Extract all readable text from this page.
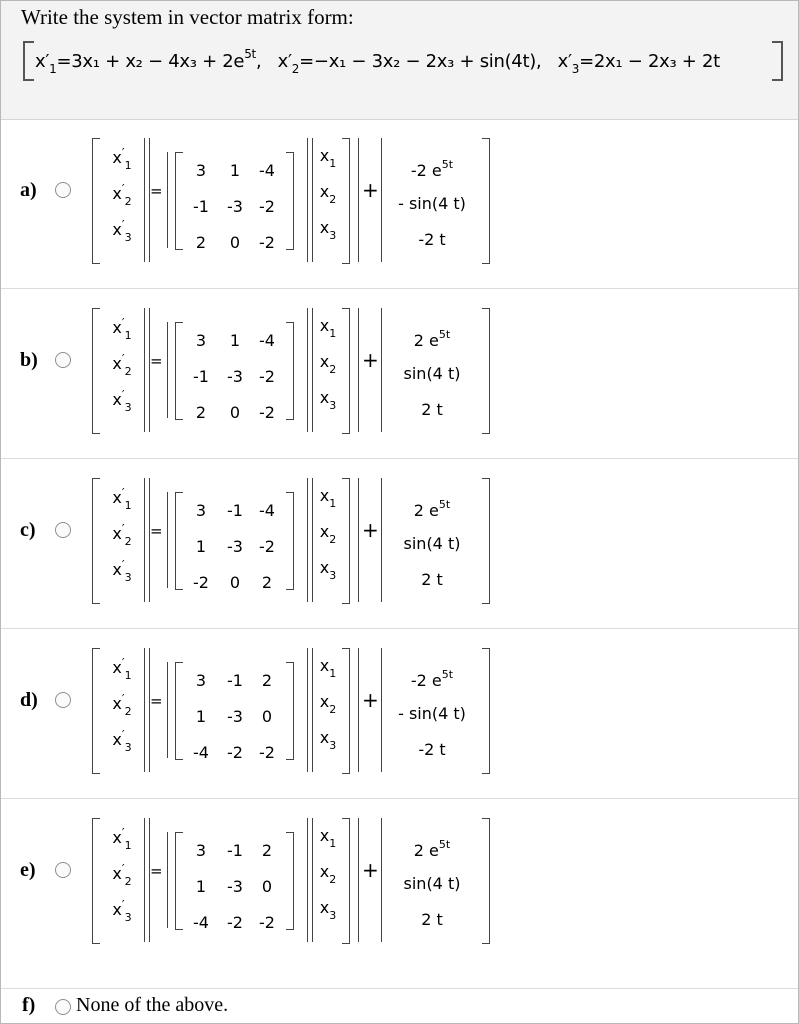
Write the system in vector matrix form:
$x'_1=3x_1 + x_2 - 4x_3 + 2e^{5t}$,   $x'_2=-x_1 - 3x_2 - 2x_3 + \sin(4t)$,   $x'_3=2x_1 - 2x_3 + 2t$
a)
$x'_1$
$x'_2$
$x'_3$
=
3	1	-4
-1	-3	-2
2	0	-2
$x_1$
$x_2$
$x_3$
+
-2 $e^{5t}$
- sin(4 t)
-2 t
b)
$x'_1$
$x'_2$
$x'_3$
=
3	1	-4
-1	-3	-2
2	0	-2
$x_1$
$x_2$
$x_3$
+
2 $e^{5t}$
sin(4 t)
2 t
c)
$x'_1$
$x'_2$
$x'_3$
=
3	-1	-4
1	-3	-2
-2	0	2
$x_1$
$x_2$
$x_3$
+
2 $e^{5t}$
sin(4 t)
2 t
d)
$x'_1$
$x'_2$
$x'_3$
=
3	-1	2
1	-3	0
-4	-2	-2
$x_1$
$x_2$
$x_3$
+
-2 $e^{5t}$
- sin(4 t)
-2 t
e)
$x'_1$
$x'_2$
$x'_3$
=
3	-1	2
1	-3	0
-4	-2	-2
$x_1$
$x_2$
$x_3$
+
2 $e^{5t}$
sin(4 t)
2 t
f) None of the above.
